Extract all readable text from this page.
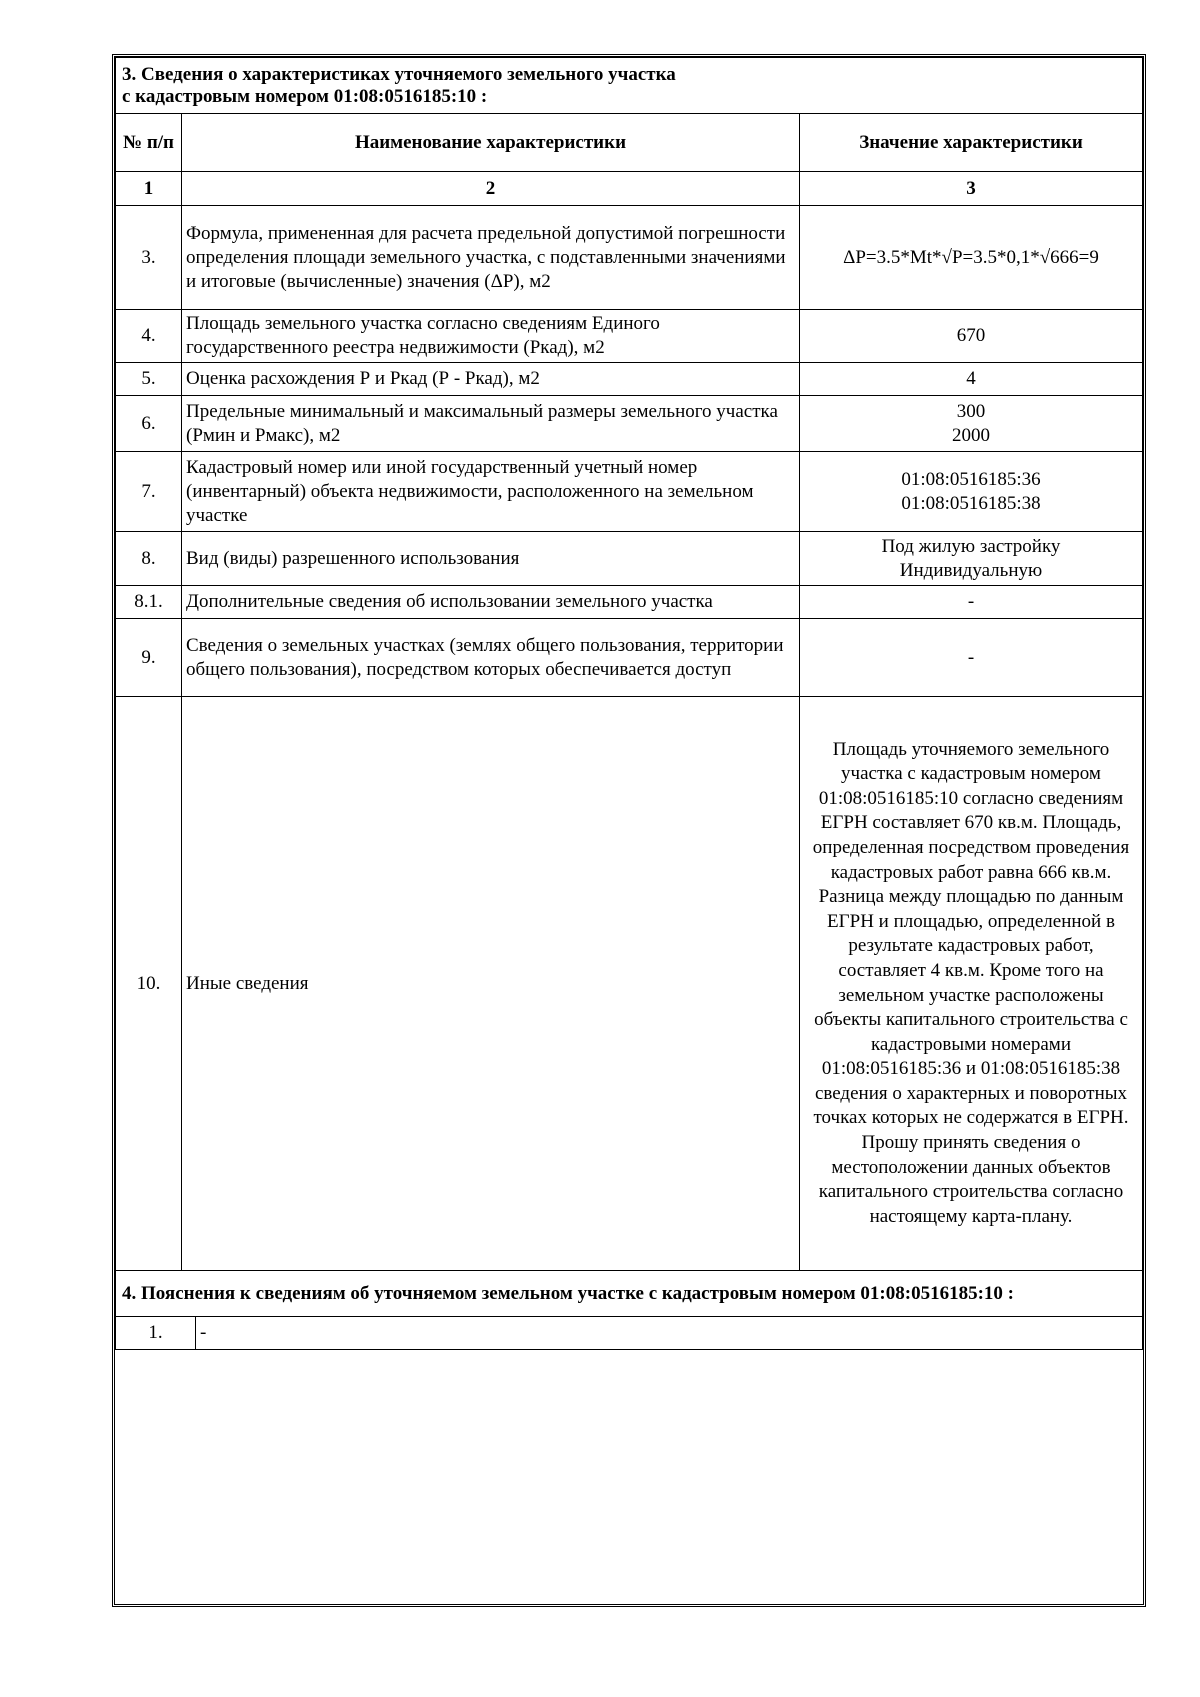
3. Сведения о характеристиках уточняемого земельного участка
с кадастровым номером 01:08:0516185:10 :		

№ п/п	Наименование характеристики	Значение характеристики
1	2	3
3.	Формула, примененная для расчета предельной допустимой погрешности определения площади земельного участка, с подставленными значениями и итоговые (вычисленные) значения (ΔP), м2	ΔP=3.5*Mt*√P=3.5*0,1*√666=9
4.	Площадь земельного участка согласно сведениям Единого государственного реестра недвижимости (Ркад), м2	670
5.	Оценка расхождения Р и Ркад (Р - Ркад), м2	4
6.	Предельные минимальный и максимальный размеры земельного участка (Рмин и Рмакс), м2	300
2000
7.	Кадастровый номер или иной государственный учетный номер (инвентарный) объекта недвижимости, расположенного на земельном участке	01:08:0516185:36
01:08:0516185:38
8.	Вид (виды) разрешенного использования	Под жилую застройку
Индивидуальную
8.1.	Дополнительные сведения об использовании земельного участка	-
9.	Сведения о земельных участках (землях общего пользования, территории общего пользования), посредством которых обеспечивается доступ	-
10.	Иные сведения	Площадь уточняемого земельного участка с кадастровым номером 01:08:0516185:10 согласно сведениям ЕГРН составляет 670 кв.м. Площадь, определенная посредством проведения кадастровых работ равна 666 кв.м. Разница между площадью по данным ЕГРН и площадью, определенной в результате кадастровых работ, составляет 4 кв.м. Кроме того на земельном участке расположены объекты капитального строительства с кадастровыми номерами 01:08:0516185:36 и 01:08:0516185:38 сведения о характерных и поворотных точках которых не содержатся в ЕГРН. Прошу принять сведения о местоположении данных объектов капитального строительства согласно настоящему карта-плану.
4. Пояснения к сведениям об уточняемом земельном участке с кадастровым номером 01:08:0516185:10 :		
1.	-
